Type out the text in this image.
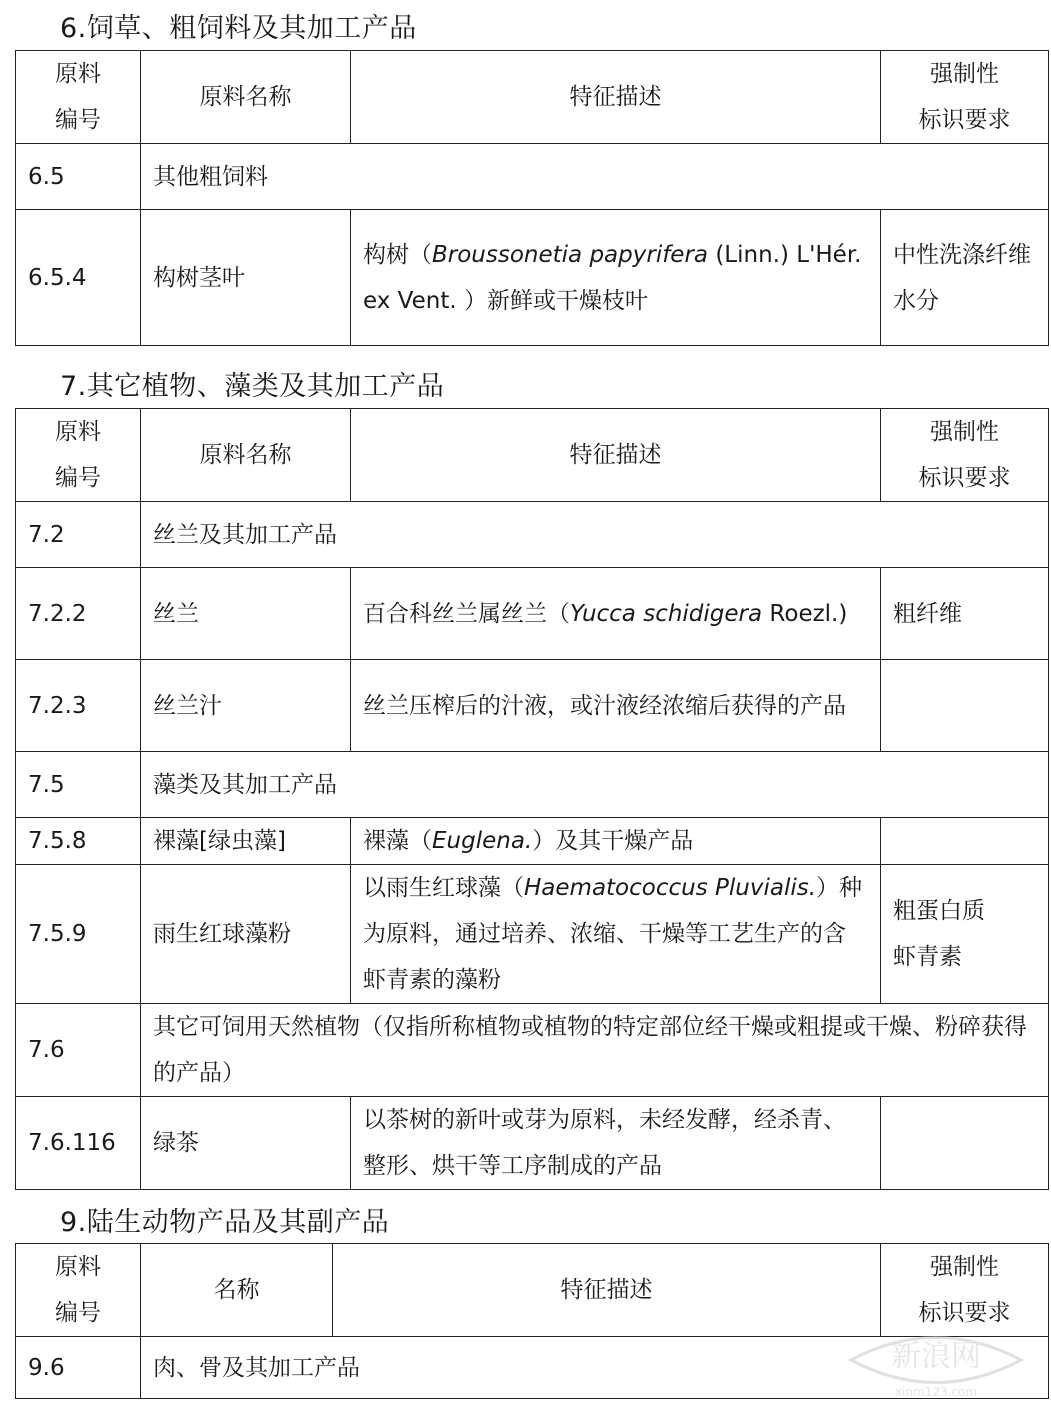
6.饲草、粗饲料及其加工产品
原料
编号	原料名称	特征描述	强制性
标识要求
6.5	其他粗饲料		
6.5.4	构树茎叶	构树（Broussonetia papyrifera (Linn.) L'Hér. ex Vent. ）新鲜或干燥枝叶	中性洗涤纤维
水分
7.其它植物、藻类及其加工产品
原料
编号	原料名称	特征描述	强制性
标识要求
7.2	丝兰及其加工产品		
7.2.2	丝兰	百合科丝兰属丝兰（Yucca schidigera Roezl.)	粗纤维
7.2.3	丝兰汁	丝兰压榨后的汁液，或汁液经浓缩后获得的产品	
7.5	藻类及其加工产品		
7.5.8	裸藻[绿虫藻]	裸藻（Euglena.）及其干燥产品	
7.5.9	雨生红球藻粉	以雨生红球藻（Haematococcus Pluvialis.）种为原料，通过培养、浓缩、干燥等工艺生产的含虾青素的藻粉	粗蛋白质
虾青素
7.6	其它可饲用天然植物（仅指所称植物或植物的特定部位经干燥或粗提或干燥、粉碎获得的产品）		
7.6.116	绿茶	以茶树的新叶或芽为原料，未经发酵，经杀青、整形、烘干等工序制成的产品	
9.陆生动物产品及其副产品
原料
编号	名称	特征描述	强制性
标识要求
9.6	肉、骨及其加工产品			新浪网
xinm123.com
